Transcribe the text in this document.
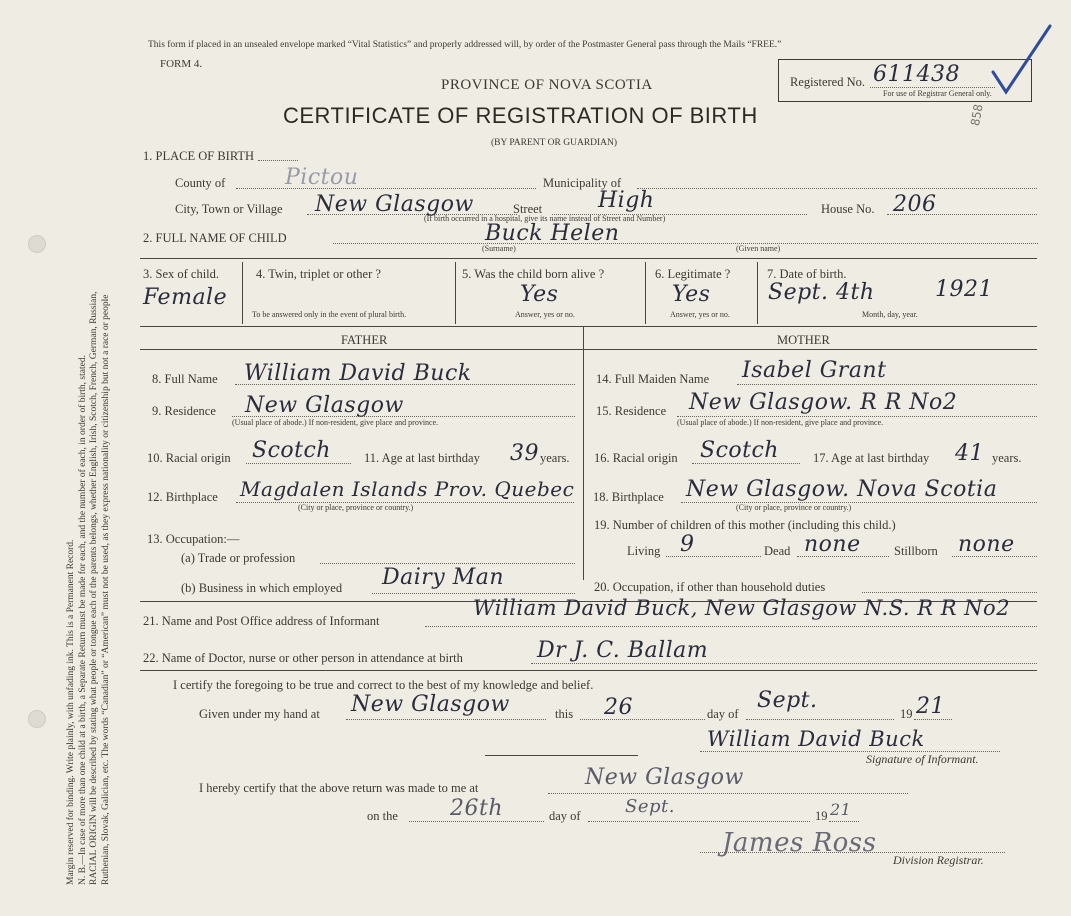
Margin reserved for binding. Write plainly, with unfading ink. This is a Permanent Record. N. B.—In case of more than one child at a birth, a Separate Return must be made for each, and the number of each, in order of birth, stated. RACIAL ORIGIN will be described by stating what people or tongue each of the parents belongs, whether English, Irish, Scotch, French, German, Russian, Ruthenian, Slovak, Galician, etc. The words “Canadian” or “American” must not be used, as they express nationality or citizenship but not a race or people
This form if placed in an unsealed envelope marked “Vital Statistics” and properly addressed will, by order of the Postmaster General pass through the Mails “FREE.”
FORM 4.
PROVINCE OF NOVA SCOTIA
CERTIFICATE OF REGISTRATION OF BIRTH
(BY PARENT OR GUARDIAN)
Registered No. 611438
For use of Registrar General only.
858
1. PLACE OF BIRTH
County of	Pictou	Municipality of
City, Town or Village New Glasgow	Street	High	House No. 206
(If birth occurred in a hospital, give its name instead of Street and Number)
2. FULL NAME OF CHILD	Buck Helen
(Surname)	(Given name)
3. Sex of child.
Female
4. Twin, triplet or other ?
To be answered only in the event of plural birth.
5. Was the child born alive ?
Yes
Answer, yes or no.
6. Legitimate ?
Yes
Answer, yes or no.
7. Date of birth.
Sept. 4th	1921
Month, day, year.
FATHER	MOTHER
8. Full Name William David Buck
9. Residence New Glasgow
(Usual place of abode.) If non-resident, give place and province.
10. Racial origin Scotch	11. Age at last birthday 39 years.
12. Birthplace Magdalen Islands Prov. Quebec
(City or place, province or country.)
13. Occupation:—
(a) Trade or profession
(b) Business in which employed Dairy Man
14. Full Maiden Name Isabel Grant
15. Residence New Glasgow. R R No2
(Usual place of abode.) If non-resident, give place and province.
16. Racial origin Scotch	17. Age at last birthday 41 years.
18. Birthplace New Glasgow. Nova Scotia
(City or place, province or country.)
19. Number of children of this mother (including this child.)
Living 9	Dead none	Stillborn none
20. Occupation, if other than household duties
21. Name and Post Office address of Informant
William David Buck, New Glasgow N.S. R R No2
22. Name of Doctor, nurse or other person in attendance at birth	Dr J. C. Ballam
I certify the foregoing to be true and correct to the best of my knowledge and belief.
Given under my hand at New Glasgow	this 26	day of
Sept.
19 21
William David Buck
Signature of Informant.
I hereby certify that the above return was made to me at	New Glasgow
on the 26th	day of Sept.	19 21
James Ross
Division Registrar.
